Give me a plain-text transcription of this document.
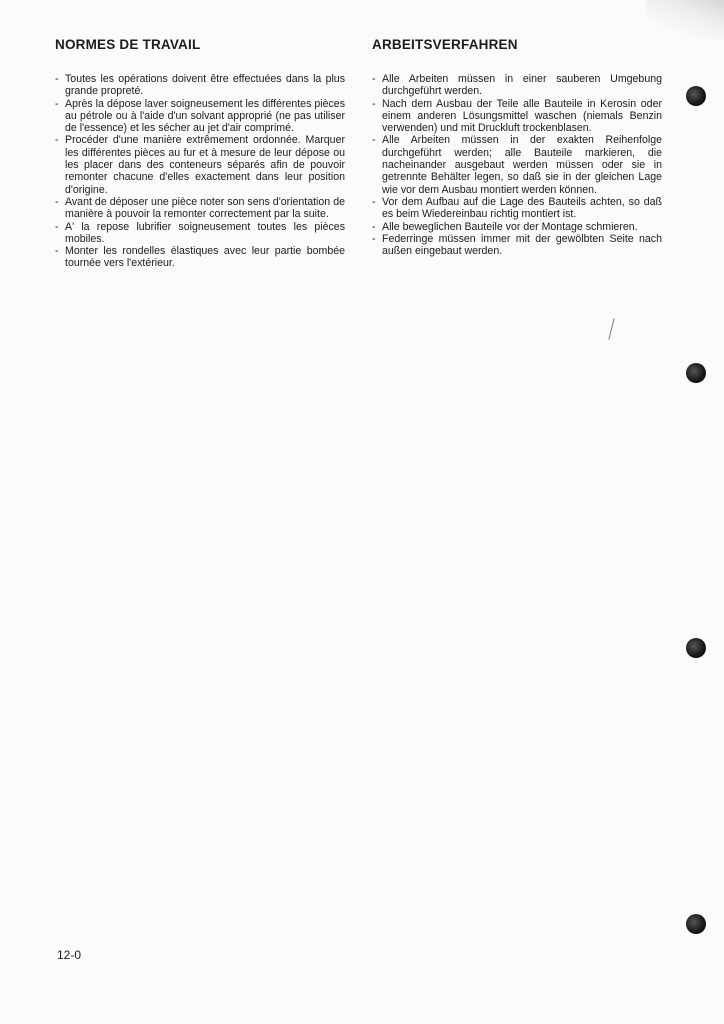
NORMES DE TRAVAIL
- Toutes les opérations doivent être effectuées dans la plus grande propreté.
- Après la dépose laver soigneusement les différentes pièces au pétrole ou à l'aide d'un solvant approprié (ne pas utiliser de l'essence) et les sécher au jet d'air comprimé.
- Procéder d'une manière extrêmement ordonnée. Marquer les différentes pièces au fur et à mesure de leur dépose ou les placer dans des conteneurs séparés afin de pouvoir remonter chacune d'elles exactement dans leur position d'origine.
- Avant de déposer une pièce noter son sens d'orientation de manière à pouvoir la remonter correctement par la suite.
- A' la repose lubrifier soigneusement toutes les pièces mobiles.
- Monter les rondelles élastiques avec leur partie bombée tournée vers l'extérieur.
ARBEITSVERFAHREN
- Alle Arbeiten müssen in einer sauberen Umgebung durchgeführt werden.
- Nach dem Ausbau der Teile alle Bauteile in Kerosin oder einem anderen Lösungsmittel waschen (niemals Benzin verwenden) und mit Druckluft trockenblasen.
- Alle Arbeiten müssen in der exakten Reihenfolge durchgeführt werden; alle Bauteile markieren, die nacheinander ausgebaut werden müssen oder sie in getrennte Behälter legen, so daß sie in der gleichen Lage wie vor dem Ausbau montiert werden können.
- Vor dem Aufbau auf die Lage des Bauteils achten, so daß es beim Wiedereinbau richtig montiert ist.
- Alle beweglichen Bauteile vor der Montage schmieren.
- Federringe müssen immer mit der gewölbten Seite nach außen eingebaut werden.
12-0
